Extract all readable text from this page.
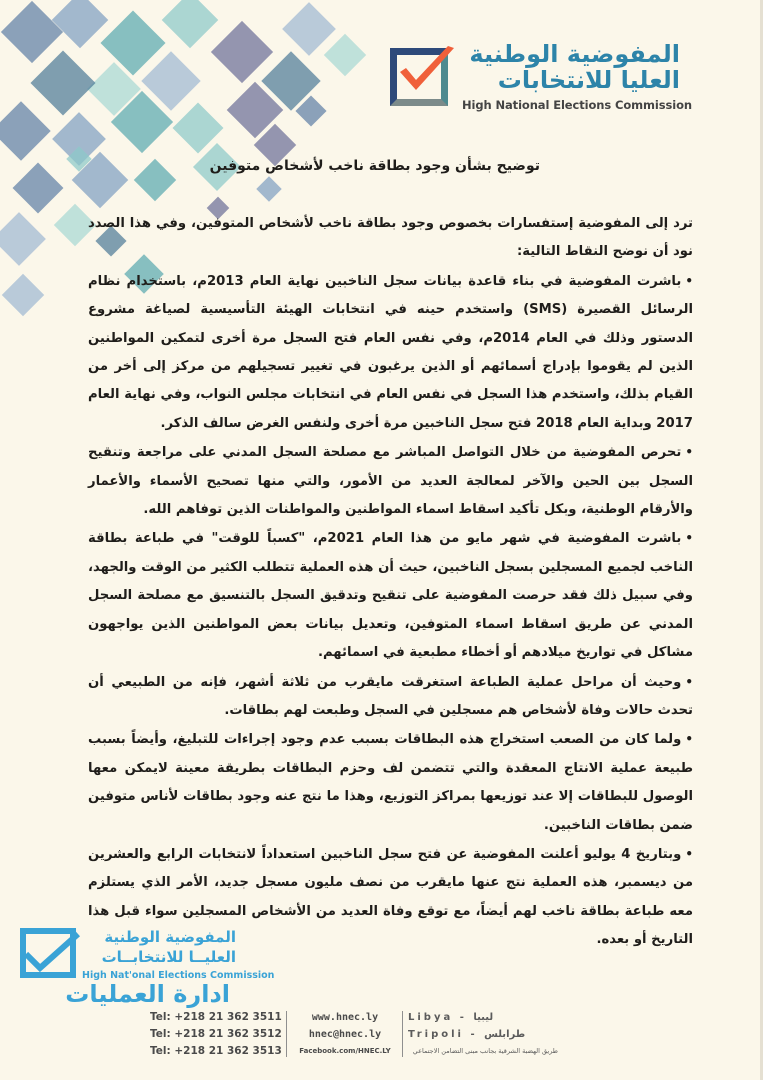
المفوضية الوطنية
العليا للانتخابات
High National Elections Commission
توضيح بشأن وجود بطاقة ناخب لأشخاص متوفين

ترد إلى المفوضية إستفسارات بخصوص وجود بطاقة ناخب لأشخاص المتوفين، وفي هذا الصدد نود أن نوضح النقاط التالية:

•باشرت المفوضية في بناء قاعدة بيانات سجل الناخبين نهاية العام 2013م، باستخدام نظام الرسائل القصيرة (SMS) واستخدم حينه في انتخابات الهيئة التأسيسية لصياغة مشروع الدستور وذلك في العام 2014م، وفي نفس العام فتح السجل مرة أخرى لتمكين المواطنين الذين لم يقوموا بإدراج أسمائهم أو الذين يرغبون في تغيير تسجيلهم من مركز إلى أخر من القيام بذلك، واستخدم هذا السجل في نفس العام في انتخابات مجلس النواب، وفي نهاية العام 2017 وبداية العام 2018 فتح سجل الناخبين مرة أخرى ولنفس الغرض سالف الذكر.
•تحرص المفوضية من خلال التواصل المباشر مع مصلحة السجل المدني على مراجعة وتنقيح السجل بين الحين والآخر لمعالجة العديد من الأمور، والتي منها تصحيح الأسماء والأعمار والأرقام الوطنية، وبكل تأكيد اسقاط اسماء المواطنين والمواطنات الذين توفاهم الله.
•باشرت المفوضية في شهر مايو من هذا العام 2021م، "كسباً للوقت" في طباعة بطاقة الناخب لجميع المسجلين بسجل الناخبين، حيث أن هذه العملية تتطلب الكثير من الوقت والجهد، وفي سبيل ذلك فقد حرصت المفوضية على تنقيح وتدقيق السجل بالتنسيق مع مصلحة السجل المدني عن طريق اسقاط اسماء المتوفين، وتعديل بيانات بعض المواطنين الذين يواجهون مشاكل في تواريخ ميلادهم أو أخطاء مطبعية في اسمائهم.
•وحيث أن مراحل عملية الطباعة استغرقت مايقرب من ثلاثة أشهر، فإنه من الطبيعي أن تحدث حالات وفاة لأشخاص هم مسجلين في السجل وطبعت لهم بطاقات.
•ولما كان من الصعب استخراج هذه البطاقات بسبب عدم وجود إجراءات للتبليغ، وأيضاً بسبب طبيعة عملية الانتاج المعقدة والتي تتضمن لف وحزم البطاقات بطريقة معينة لايمكن معها الوصول للبطاقات إلا عند توزيعها بمراكز التوزيع، وهذا ما نتج عنه وجود بطاقات لأناس متوفين ضمن بطاقات الناخبين.
•وبتاريخ 4 يوليو أعلنت المفوضية عن فتح سجل الناخبين استعداداً لانتخابات الرابع والعشرين من ديسمبر، هذه العملية نتج عنها مايقرب من نصف مليون مسجل جديد، الأمر الذي يستلزم معه طباعة بطاقة ناخب لهم أيضاً، مع توقع وفاة العديد من الأشخاص المسجلين سواء قبل هذا التاريخ أو بعده.
المفوضية الوطنية
العليــا للانتخابــات
High Nat'onal Elections Commission
ادارة العمليات
Tel: +218 21 362 3511
Tel: +218 21 362 3512
Tel: +218 21 362 3513
www.hnec.ly
hnec@hnec.ly
Facebook.com/HNEC.LY
Libya - ليبيا
Tripoli - طرابلس
طريق الهضبة الشرقية بجانب مبنى التضامن الاجتماعي
